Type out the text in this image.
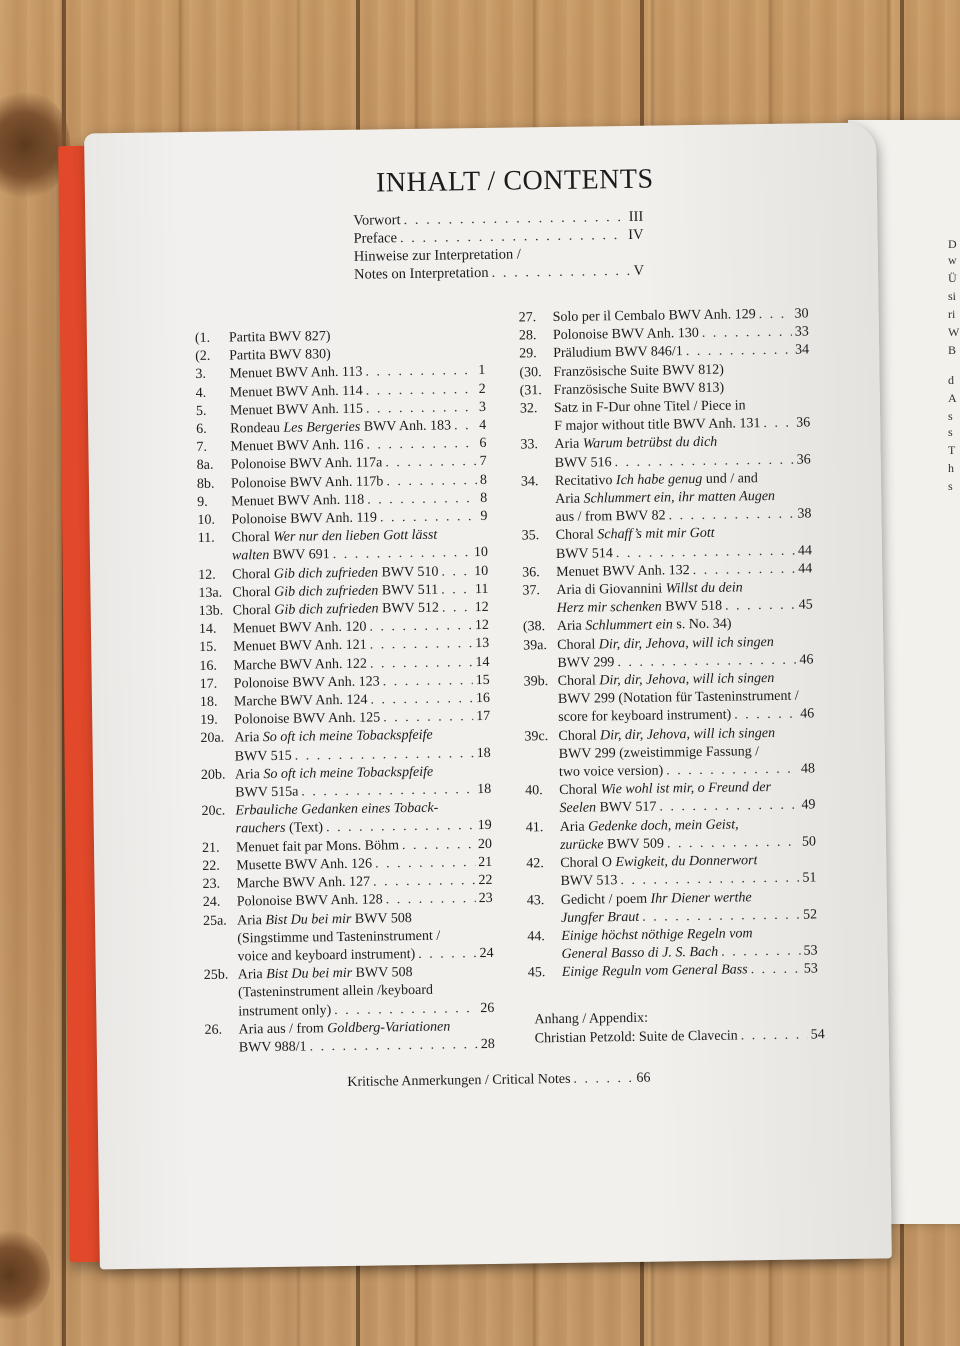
D
w
Ü
si
ri
W
B
d
A
s
s
T
h
s
INHALT / CONTENTS
Vorwort . . .	III
Preface . . .	IV
Hinweise zur Interpretation /
Notes on Interpretation . . .	V
(1.	Partita BWV 827)
(2.	Partita BWV 830)
3.	Menuet BWV Anh. 113 . . .	1
4.	Menuet BWV Anh. 114 . . .	2
5.	Menuet BWV Anh. 115 . . .	3
6.	Rondeau Les Bergeries BWV Anh. 183 . . . 4
7.	Menuet BWV Anh. 116 . . .	6
8a.	Polonoise BWV Anh. 117a . . .	7
8b.	Polonoise BWV Anh. 117b . . .	8
9.	Menuet BWV Anh. 118 . . .	8
10.	Polonoise BWV Anh. 119 . . .	9
11.	Choral Wer nur den lieben Gott lässt
walten BWV 691 . . .	10
12.	Choral Gib dich zufrieden BWV 510 . . .	10
13a. Choral Gib dich zufrieden BWV 511 . . .	11
13b. Choral Gib dich zufrieden BWV 512 . . .	12
14.	Menuet BWV Anh. 120 . . .	12
15.	Menuet BWV Anh. 121 . . .	13
16.	Marche BWV Anh. 122 . . .	14
17.	Polonoise BWV Anh. 123 . . .	15
18.	Marche BWV Anh. 124 . . .	16
19.	Polonoise BWV Anh. 125 . . .	17
20a. Aria So oft ich meine Tobackspfeife
BWV 515 . . .	18
20b. Aria So oft ich meine Tobackspfeife
BWV 515a . . .	18
20c. Erbauliche Gedanken eines Toback-
rauchers (Text) . . .	19
21.	Menuet fait par Mons. Böhm . . .	20
22.	Musette BWV Anh. 126 . . .	21
23.	Marche BWV Anh. 127 . . .	22
24.	Polonoise BWV Anh. 128 . . .	23
25a. Aria Bist Du bei mir BWV 508
(Singstimme und Tasteninstrument /
voice and keyboard instrument) . . .	24
25b. Aria Bist Du bei mir BWV 508
(Tasteninstrument allein /keyboard
instrument only) . . .	26
26.	Aria aus / from Goldberg-Variationen
BWV 988/1 . . .	28
27.	Solo per il Cembalo BWV Anh. 129 . . .	30
28.	Polonoise BWV Anh. 130 . . .	33
29.	Präludium BWV 846/1 . . .	34
(30. Französische Suite BWV 812)
(31. Französische Suite BWV 813)
32.	Satz in F-Dur ohne Titel / Piece in
F major without title BWV Anh. 131 . . .	36
33.	Aria Warum betrübst du dich
BWV 516 . . .	36
34.	Recitativo Ich habe genug und / and
Aria Schlummert ein, ihr matten Augen
aus / from BWV 82 . . .	38
35.	Choral Schaff’s mit mir Gott
BWV 514 . . .	44
36.	Menuet BWV Anh. 132 . . .	44
37.	Aria di Giovannini Willst du dein
Herz mir schenken BWV 518 . . .	45
(38. Aria Schlummert ein s. No. 34)
39a. Choral Dir, dir, Jehova, will ich singen
BWV 299 . . .	46
39b. Choral Dir, dir, Jehova, will ich singen
BWV 299 (Notation für Tasteninstrument /
score for keyboard instrument) . . .	46
39c. Choral Dir, dir, Jehova, will ich singen
BWV 299 (zweistimmige Fassung /
two voice version) . . .	48
40.	Choral Wie wohl ist mir, o Freund der
Seelen BWV 517 . . .	49
41.	Aria Gedenke doch, mein Geist,
zurücke BWV 509 . . .	50
42.	Choral O Ewigkeit, du Donnerwort
BWV 513 . . .	51
43.	Gedicht / poem Ihr Diener werthe
Jungfer Braut . . .	52
44.	Einige höchst nöthige Regeln vom
General Basso di J. S. Bach . . .	53
45.	Einige Reguln vom General Bass . . .	53
Anhang / Appendix:
Christian Petzold: Suite de Clavecin . . .	54
Kritische Anmerkungen / Critical Notes . . .	66
